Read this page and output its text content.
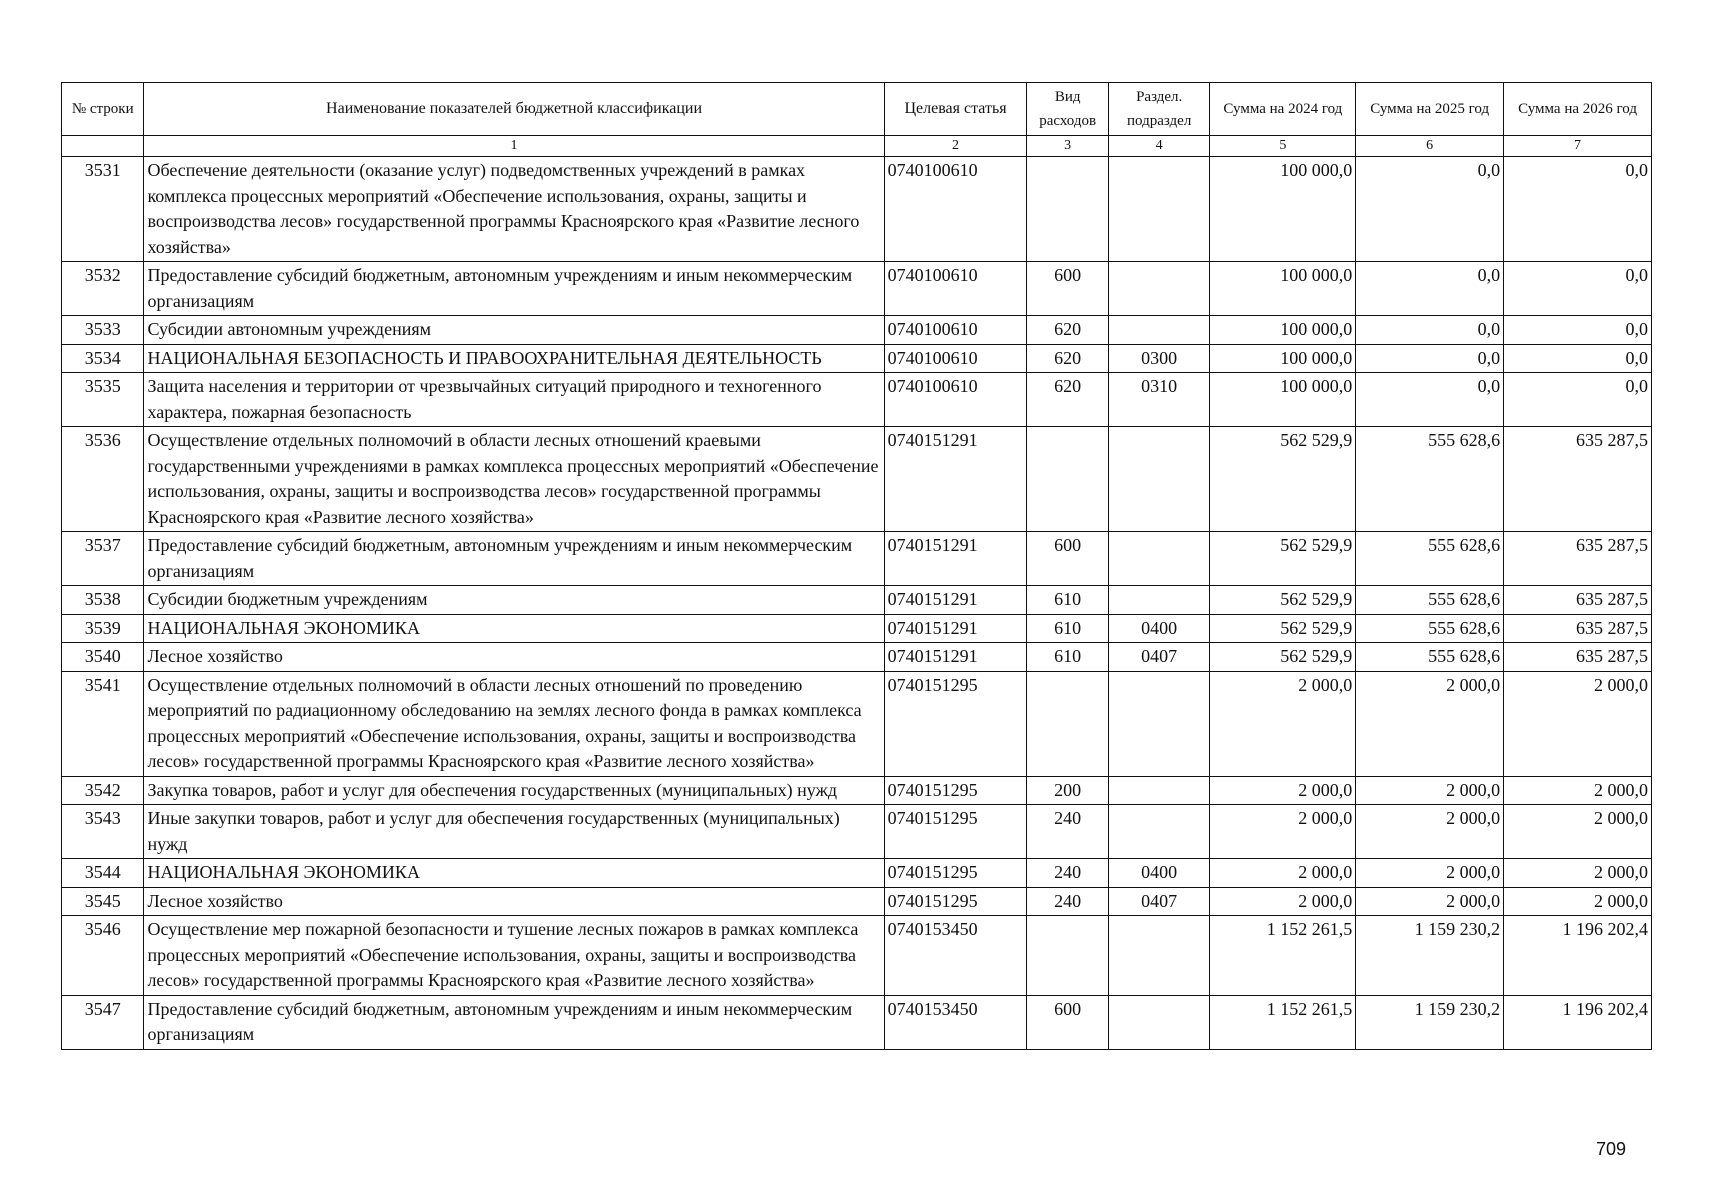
№ строки	Наименование показателей бюджетной классификации	Целевая статья	Вид расходов	Раздел. подраздел	Сумма на 2024 год	Сумма на 2025 год	Сумма на 2026 год
	1	2	3	4	5	6	7
3531	Обеспечение деятельности (оказание услуг) подведомственных учреждений в рамках комплекса процессных мероприятий «Обеспечение использования, охраны, защиты и воспроизводства лесов» государственной программы Красноярского края «Развитие лесного хозяйства»	0740100610			100 000,0	0,0	0,0
3532	Предоставление субсидий бюджетным, автономным учреждениям и иным некоммерческим организациям	0740100610	600		100 000,0	0,0	0,0
3533	Субсидии автономным учреждениям	0740100610	620		100 000,0	0,0	0,0
3534	НАЦИОНАЛЬНАЯ БЕЗОПАСНОСТЬ И ПРАВООХРАНИТЕЛЬНАЯ ДЕЯТЕЛЬНОСТЬ	0740100610	620	0300	100 000,0	0,0	0,0
3535	Защита населения и территории от чрезвычайных ситуаций природного и техногенного характера, пожарная безопасность	0740100610	620	0310	100 000,0	0,0	0,0
3536	Осуществление отдельных полномочий в области лесных отношений краевыми государственными учреждениями в рамках комплекса процессных мероприятий «Обеспечение использования, охраны, защиты и воспроизводства лесов» государственной программы Красноярского края «Развитие лесного хозяйства»	0740151291			562 529,9	555 628,6	635 287,5
3537	Предоставление субсидий бюджетным, автономным учреждениям и иным некоммерческим организациям	0740151291	600		562 529,9	555 628,6	635 287,5
3538	Субсидии бюджетным учреждениям	0740151291	610		562 529,9	555 628,6	635 287,5
3539	НАЦИОНАЛЬНАЯ ЭКОНОМИКА	0740151291	610	0400	562 529,9	555 628,6	635 287,5
3540	Лесное хозяйство	0740151291	610	0407	562 529,9	555 628,6	635 287,5
3541	Осуществление отдельных полномочий в области лесных отношений по проведению мероприятий по радиационному обследованию на землях лесного фонда в рамках комплекса процессных мероприятий «Обеспечение использования, охраны, защиты и воспроизводства лесов» государственной программы Красноярского края «Развитие лесного хозяйства»	0740151295			2 000,0	2 000,0	2 000,0
3542	Закупка товаров, работ и услуг для обеспечения государственных (муниципальных) нужд	0740151295	200		2 000,0	2 000,0	2 000,0
3543	Иные закупки товаров, работ и услуг для обеспечения государственных (муниципальных) нужд	0740151295	240		2 000,0	2 000,0	2 000,0
3544	НАЦИОНАЛЬНАЯ ЭКОНОМИКА	0740151295	240	0400	2 000,0	2 000,0	2 000,0
3545	Лесное хозяйство	0740151295	240	0407	2 000,0	2 000,0	2 000,0
3546	Осуществление мер пожарной безопасности и тушение лесных пожаров в рамках комплекса процессных мероприятий «Обеспечение использования, охраны, защиты и воспроизводства лесов» государственной программы Красноярского края «Развитие лесного хозяйства»	0740153450			1 152 261,5	1 159 230,2	1 196 202,4
3547	Предоставление субсидий бюджетным, автономным учреждениям и иным некоммерческим организациям	0740153450	600		1 152 261,5	1 159 230,2	1 196 202,4
709
